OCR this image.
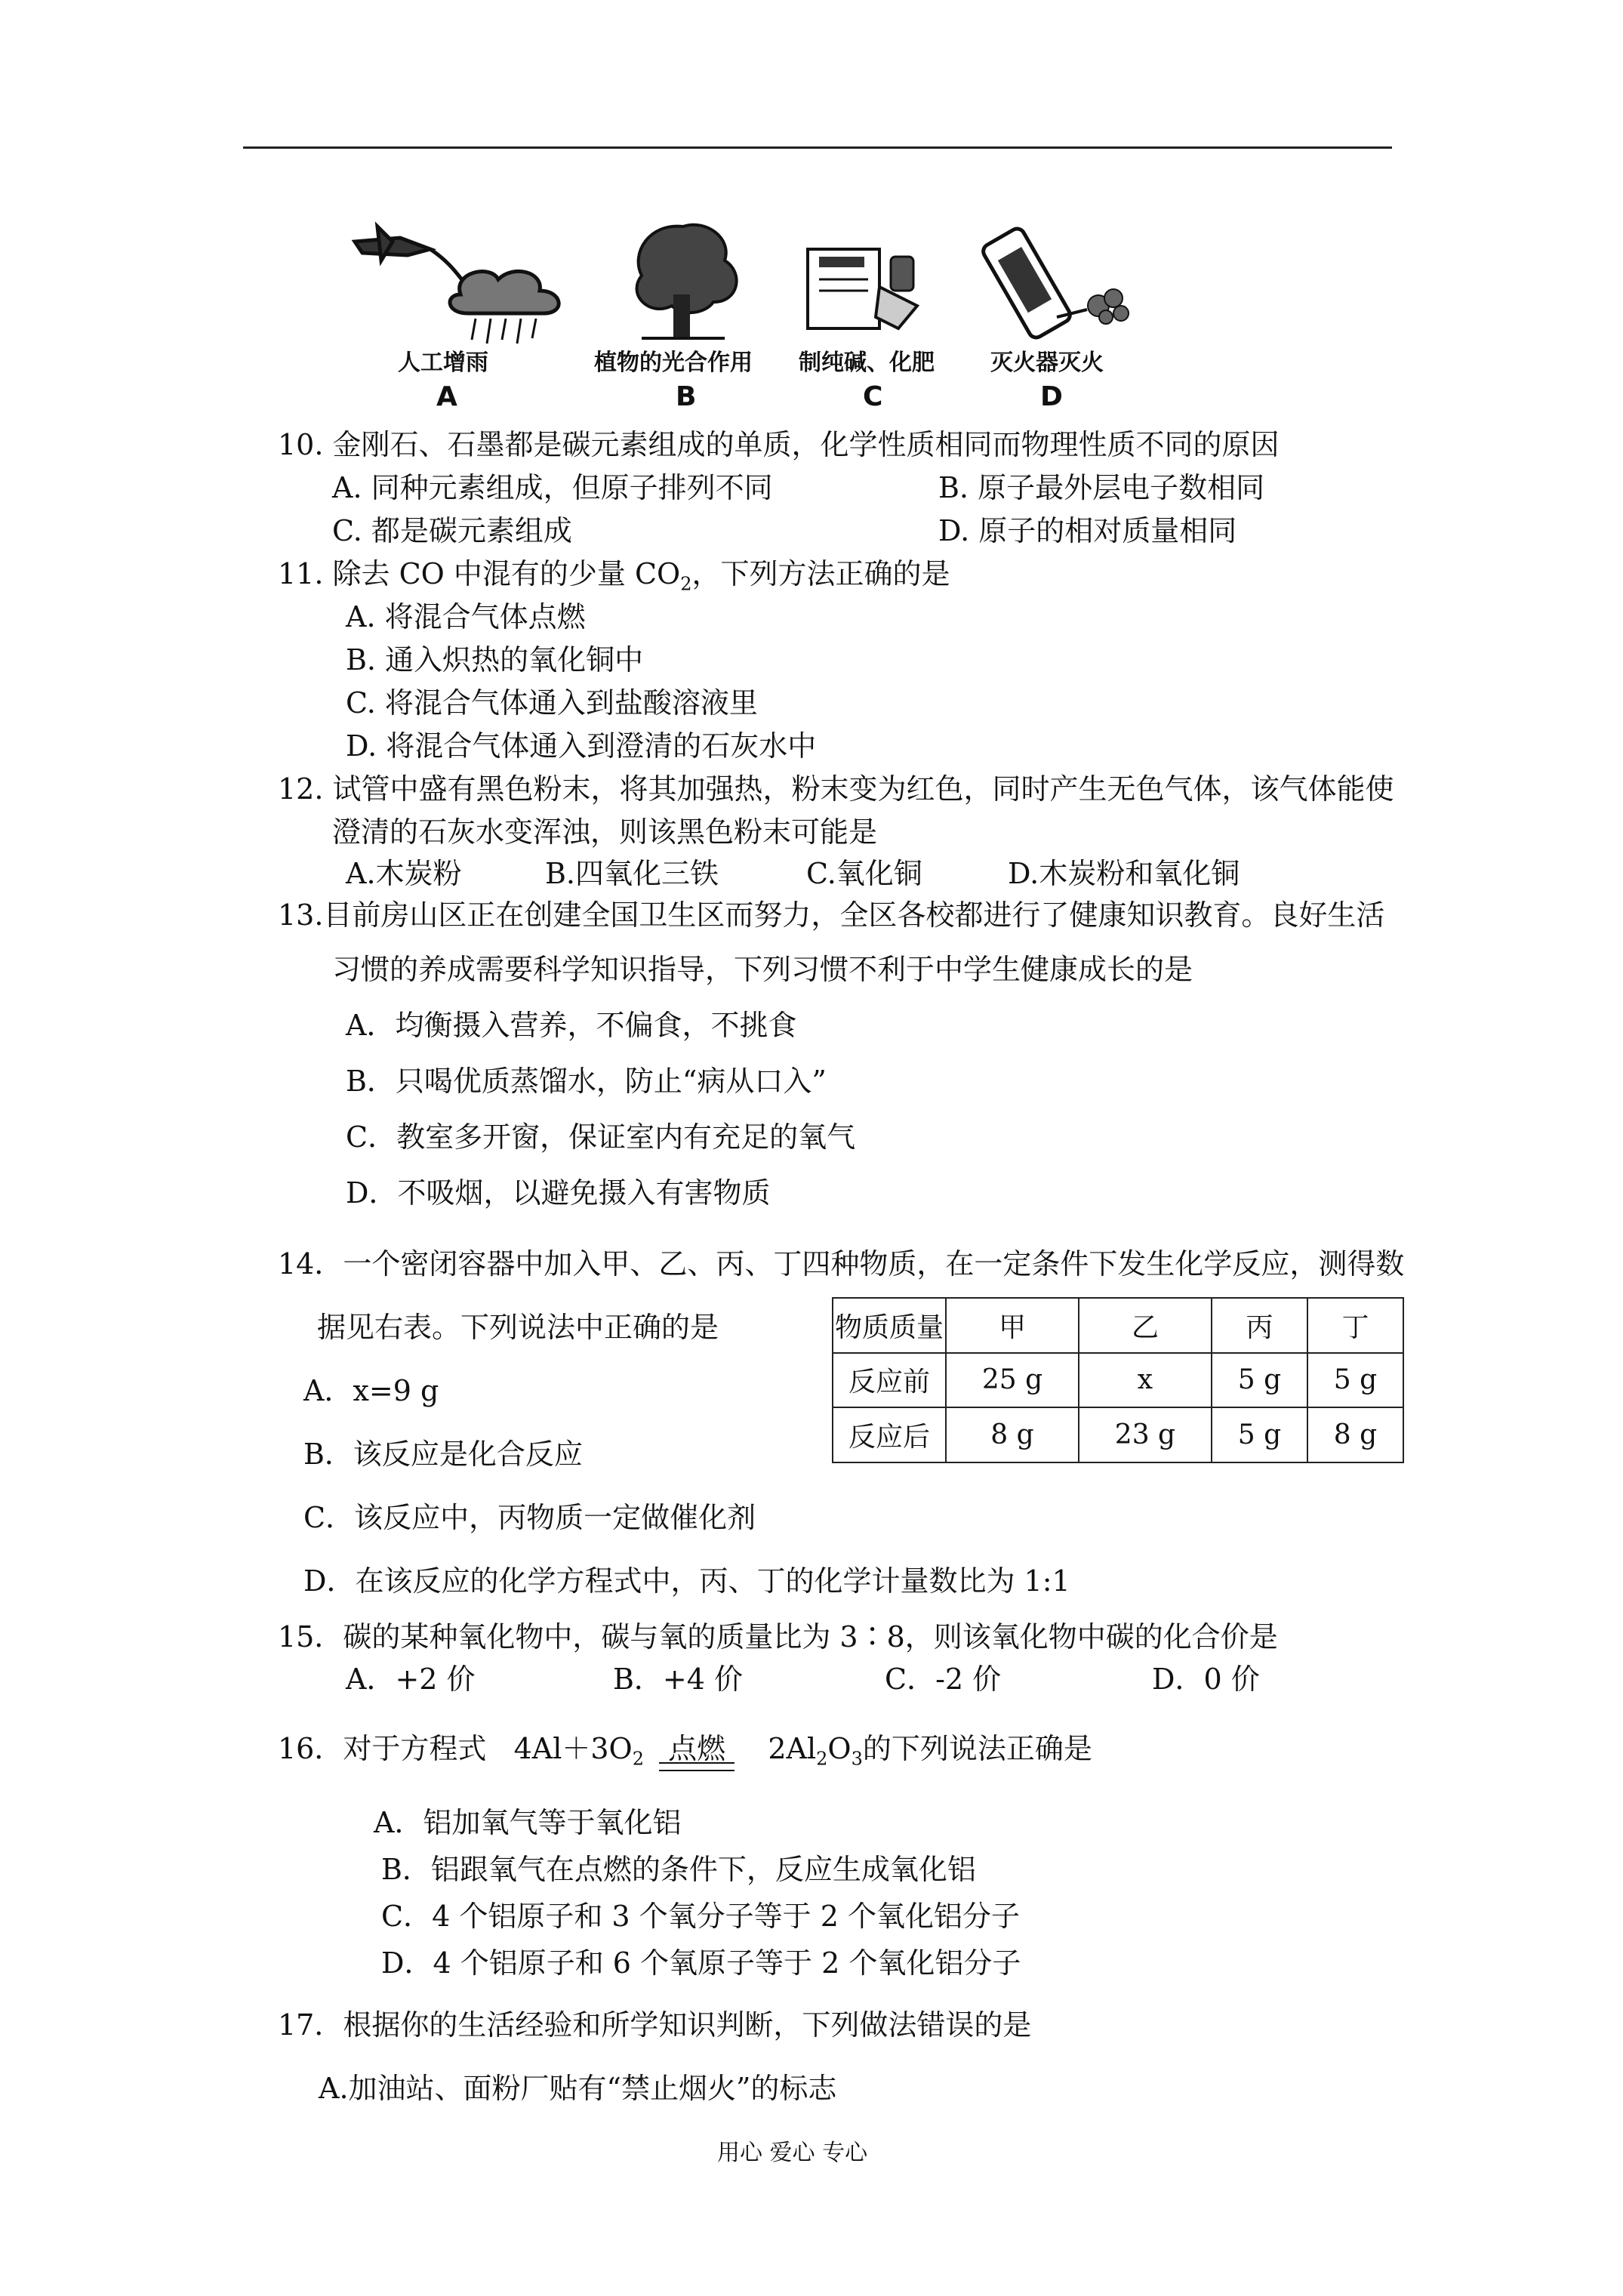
人工增雨	植物的光合作用 制纯碱、化肥 灭火器灭火
A	B	C	D
10. 金刚石、石墨都是碳元素组成的单质，化学性质相同而物理性质不同的原因
A. 同种元素组成，但原子排列不同	B. 原子最外层电子数相同
C. 都是碳元素组成	D. 原子的相对质量相同
11. 除去 CO 中混有的少量 $CO_2$，下列方法正确的是
A. 将混合气体点燃
B. 通入炽热的氧化铜中
C. 将混合气体通入到盐酸溶液里
D. 将混合气体通入到澄清的石灰水中
12. 试管中盛有黑色粉末，将其加强热，粉末变为红色，同时产生无色气体，该气体能使
澄清的石灰水变浑浊，则该黑色粉末可能是
A.木炭粉	B.四氧化三铁	C.氧化铜	D.木炭粉和氧化铜
13.目前房山区正在创建全国卫生区而努力，全区各校都进行了健康知识教育。良好生活
习惯的养成需要科学知识指导，下列习惯不利于中学生健康成长的是
A．均衡摄入营养，不偏食，不挑食
B．只喝优质蒸馏水，防止“病从口入”
C．教室多开窗，保证室内有充足的氧气
D．不吸烟，以避免摄入有害物质
14．一个密闭容器中加入甲、乙、丙、丁四种物质，在一定条件下发生化学反应，测得数
据见右表。下列说法中正确的是
A．x=9 g
B．该反应是化合反应
C．该反应中，丙物质一定做催化剂
D．在该反应的化学方程式中，丙、丁的化学计量数比为 1:1
物质质量	甲	乙	丙	丁
反应前	25 g	x	5 g	5 g
反应后	8 g	23 g	5 g	8 g
15．碳的某种氧化物中，碳与氧的质量比为 3∶8，则该氧化物中碳的化合价是
A．+2 价	B．+4 价	C．-2 价	D．0 价
16．对于方程式 $4Al+3O_2$ 点燃 $2Al_2O_3$的下列说法正确是
A．铝加氧气等于氧化铝
B．铝跟氧气在点燃的条件下，反应生成氧化铝
C．4 个铝原子和 3 个氧分子等于 2 个氧化铝分子
D．4 个铝原子和 6 个氧原子等于 2 个氧化铝分子
17．根据你的生活经验和所学知识判断，下列做法错误的是
A.加油站、面粉厂贴有“禁止烟火”的标志
用心 爱心 专心
